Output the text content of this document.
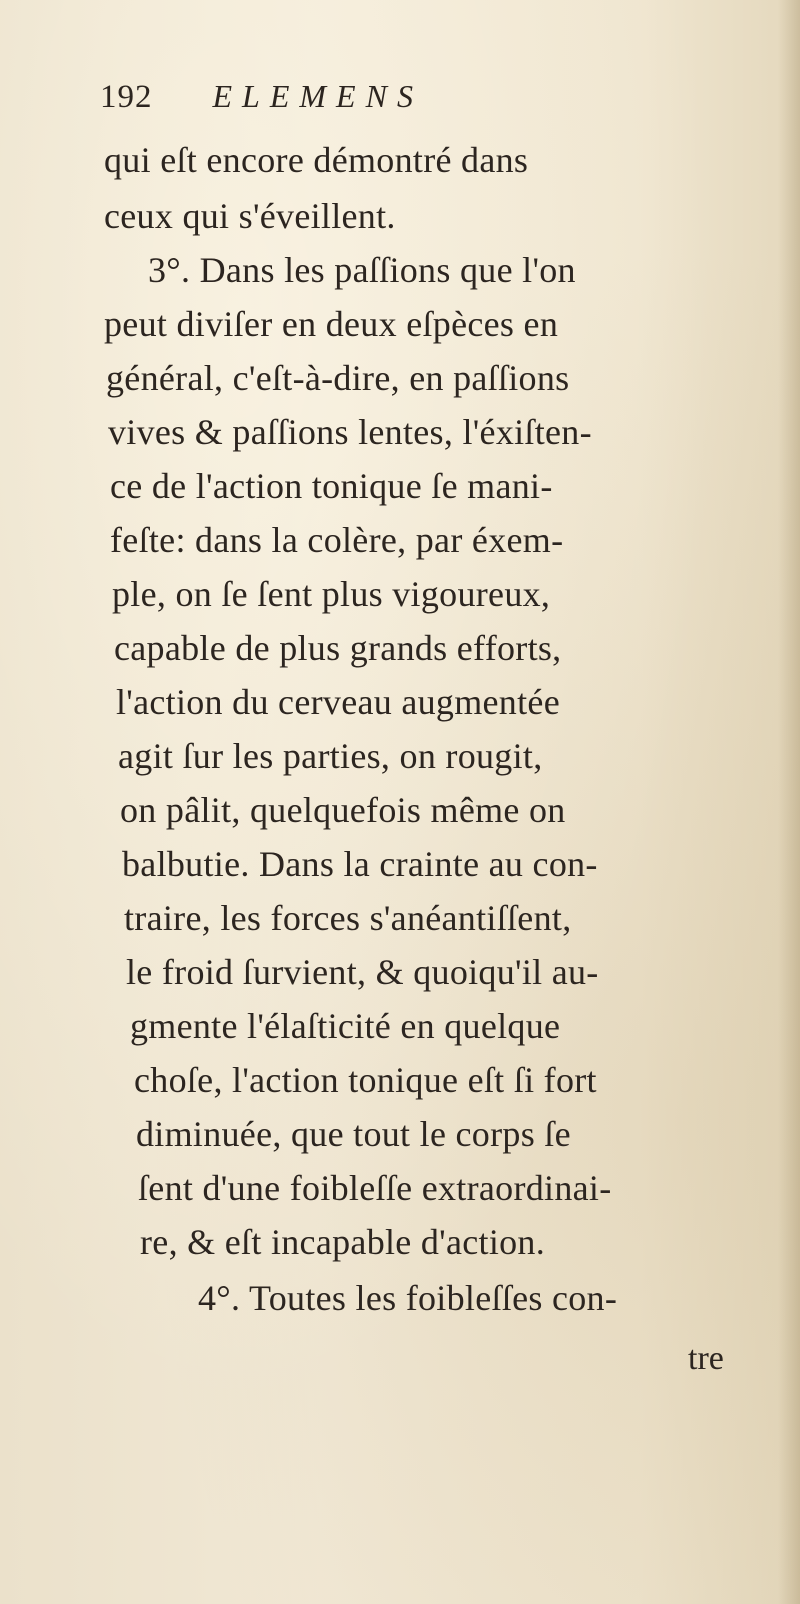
192 ELEMENS
qui eſt encore démontré dans
ceux qui s'éveillent.
3°. Dans les paſſions que l'on
peut diviſer en deux eſpèces en
général, c'eſt-à-dire, en paſſions
vives & paſſions lentes, l'éxiſten-
ce de l'action tonique ſe mani-
feſte: dans la colère, par éxem-
ple, on ſe ſent plus vigoureux,
capable de plus grands efforts,
l'action du cerveau augmentée
agit ſur les parties, on rougit,
on pâlit, quelquefois même on
balbutie. Dans la crainte au con-
traire, les forces s'anéantiſſent,
le froid ſurvient, & quoiqu'il au-
gmente l'élaſticité en quelque
choſe, l'action tonique eſt ſi fort
diminuée, que tout le corps ſe
ſent d'une foibleſſe extraordinai-
re, & eſt incapable d'action.
4°. Toutes les foibleſſes con-
tre
